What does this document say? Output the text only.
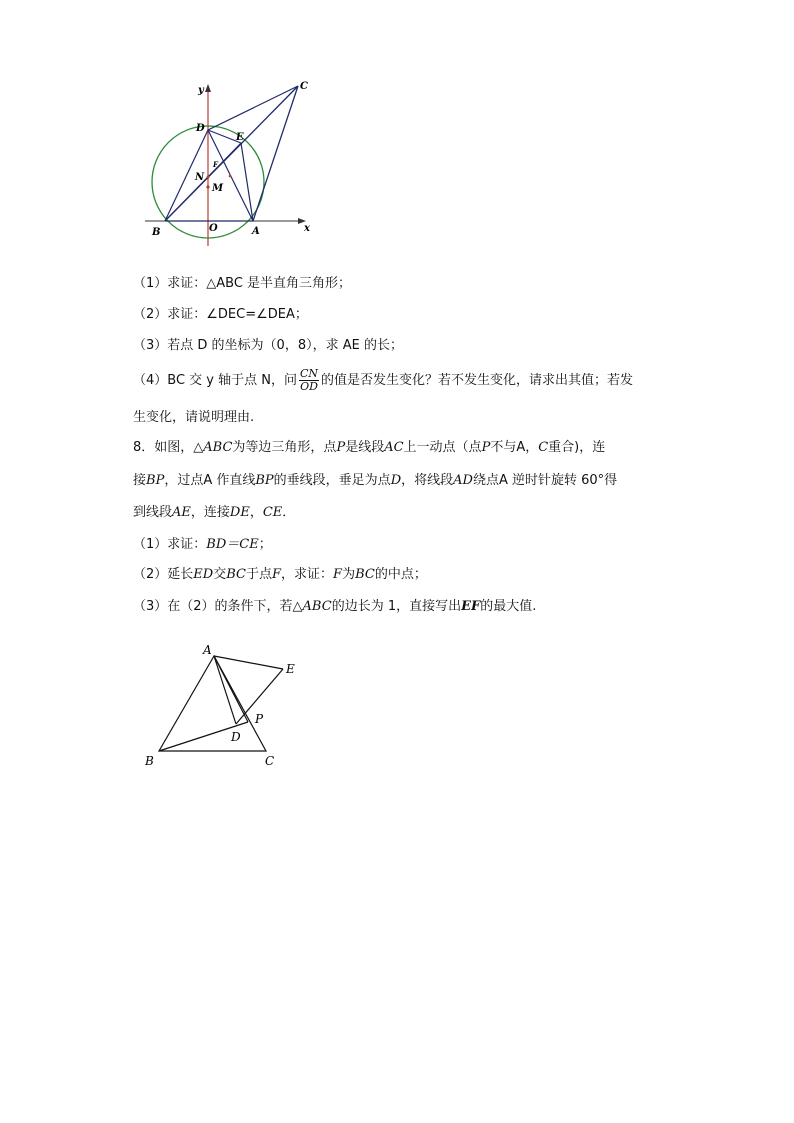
y
x
C
D
E
F
N
M
B	O	A
（1）求证：△ABC 是半直角三角形；
（2）求证：∠DEC=∠DEA；
（3）若点 D 的坐标为（0，8），求 AE 的长；
（4）BC 交 y 轴于点 N，问 $\frac{CN}{OD}$ 的值是否发生变化？若不发生变化，请求出其值；若发
生变化，请说明理由.
8．如图，△ABC为等边三角形，点P是线段AC上一动点（点P不与A，C重合)，连
接BP，过点A 作直线BP的垂线段，垂足为点D，将线段AD绕点A 逆时针旋转 60°得
到线段AE，连接DE，CE．
（1）求证：BD＝CE；
（2）延长ED交BC于点F，求证：F为BC的中点；
（3）在（2）的条件下，若△ABC的边长为 1，直接写出EF的最大值.
A
E
P
D
B	C
